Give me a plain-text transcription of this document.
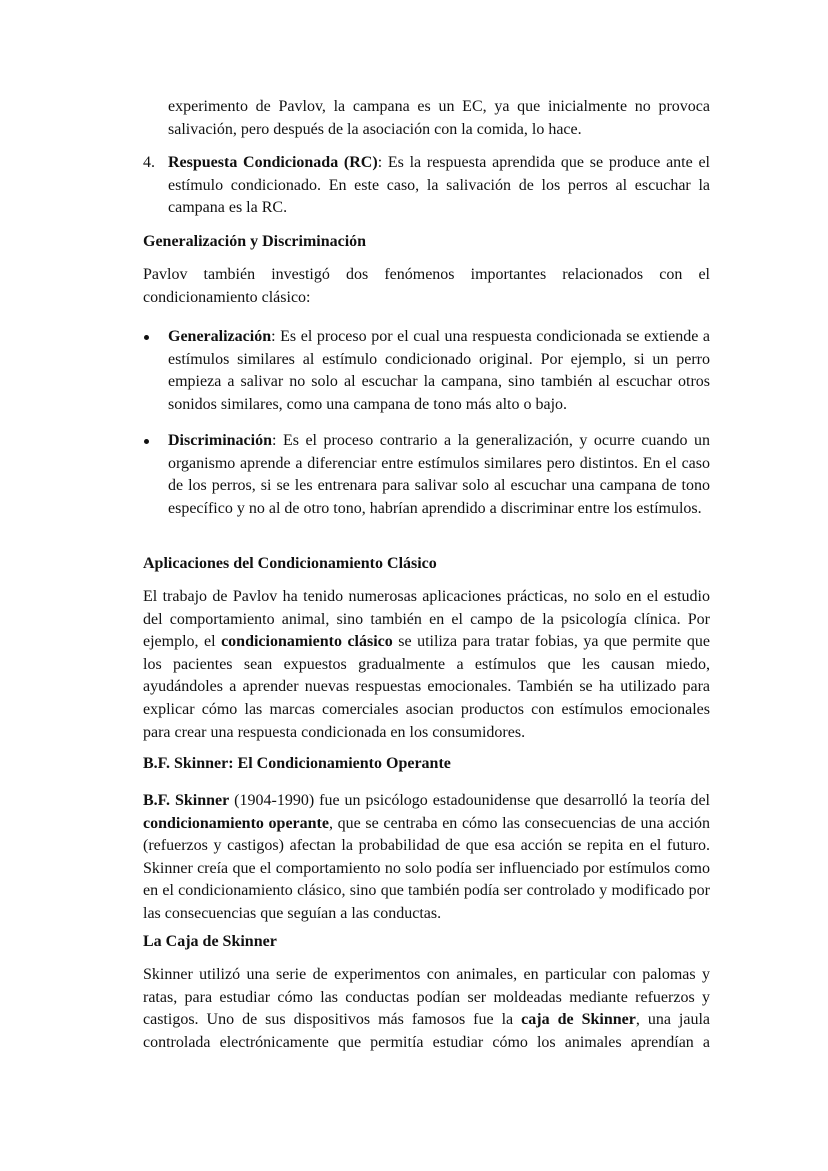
experimento de Pavlov, la campana es un EC, ya que inicialmente no provoca salivación, pero después de la asociación con la comida, lo hace.
4. Respuesta Condicionada (RC): Es la respuesta aprendida que se produce ante el estímulo condicionado. En este caso, la salivación de los perros al escuchar la campana es la RC.
Generalización y Discriminación
Pavlov también investigó dos fenómenos importantes relacionados con el condicionamiento clásico:
Generalización: Es el proceso por el cual una respuesta condicionada se extiende a estímulos similares al estímulo condicionado original. Por ejemplo, si un perro empieza a salivar no solo al escuchar la campana, sino también al escuchar otros sonidos similares, como una campana de tono más alto o bajo.
Discriminación: Es el proceso contrario a la generalización, y ocurre cuando un organismo aprende a diferenciar entre estímulos similares pero distintos. En el caso de los perros, si se les entrenara para salivar solo al escuchar una campana de tono específico y no al de otro tono, habrían aprendido a discriminar entre los estímulos.
Aplicaciones del Condicionamiento Clásico
El trabajo de Pavlov ha tenido numerosas aplicaciones prácticas, no solo en el estudio del comportamiento animal, sino también en el campo de la psicología clínica. Por ejemplo, el condicionamiento clásico se utiliza para tratar fobias, ya que permite que los pacientes sean expuestos gradualmente a estímulos que les causan miedo, ayudándoles a aprender nuevas respuestas emocionales. También se ha utilizado para explicar cómo las marcas comerciales asocian productos con estímulos emocionales para crear una respuesta condicionada en los consumidores.
B.F. Skinner: El Condicionamiento Operante
B.F. Skinner (1904-1990) fue un psicólogo estadounidense que desarrolló la teoría del condicionamiento operante, que se centraba en cómo las consecuencias de una acción (refuerzos y castigos) afectan la probabilidad de que esa acción se repita en el futuro. Skinner creía que el comportamiento no solo podía ser influenciado por estímulos como en el condicionamiento clásico, sino que también podía ser controlado y modificado por las consecuencias que seguían a las conductas.
La Caja de Skinner
Skinner utilizó una serie de experimentos con animales, en particular con palomas y ratas, para estudiar cómo las conductas podían ser moldeadas mediante refuerzos y castigos. Uno de sus dispositivos más famosos fue la caja de Skinner, una jaula controlada electrónicamente que permitía estudiar cómo los animales aprendían a
